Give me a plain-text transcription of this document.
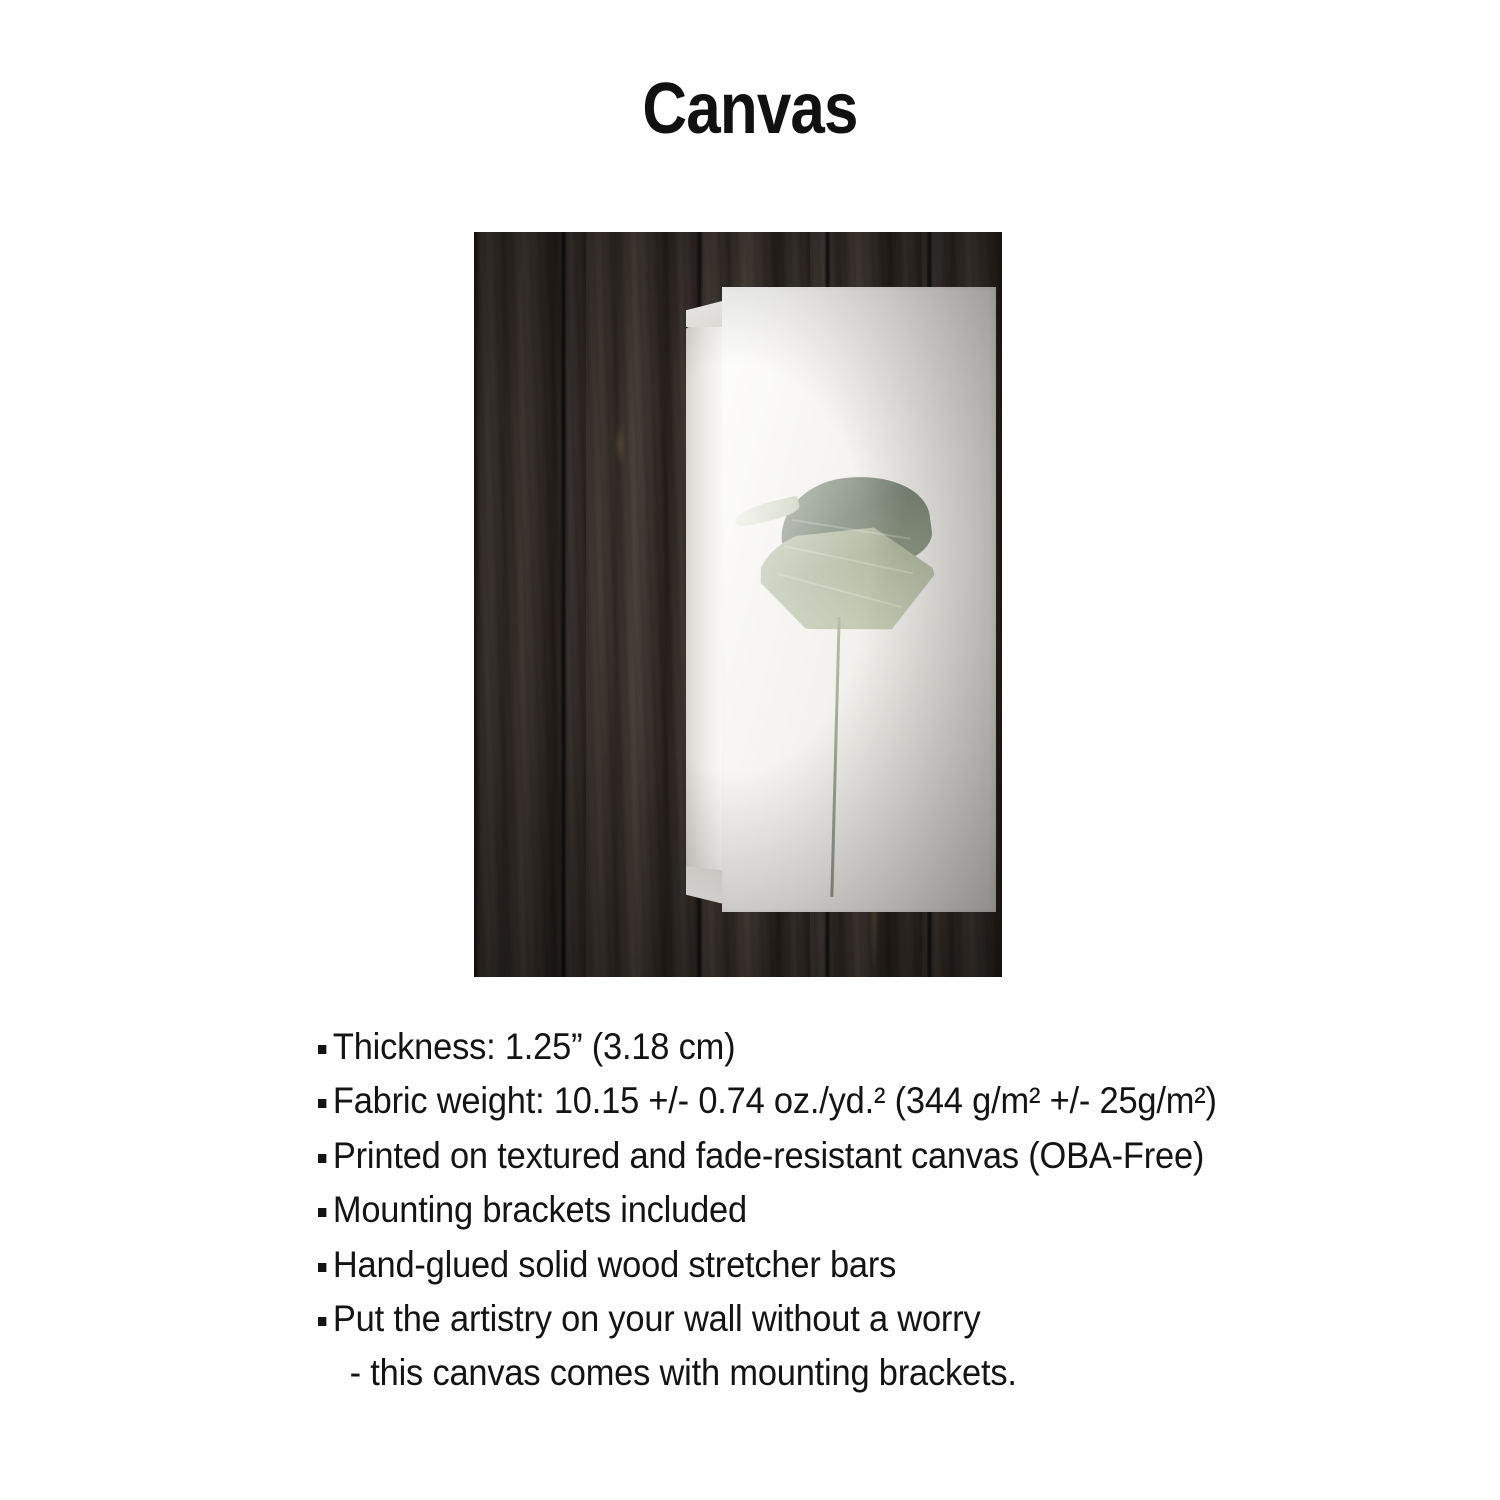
Canvas
Thickness: 1.25” (3.18 cm)
Fabric weight: 10.15 +/- 0.74 oz./yd.² (344 g/m² +/- 25g/m²)
Printed on textured and fade-resistant canvas (OBA-Free)
Mounting brackets included
Hand-glued solid wood stretcher bars
Put the artistry on your wall without a worry
- this canvas comes with mounting brackets.
